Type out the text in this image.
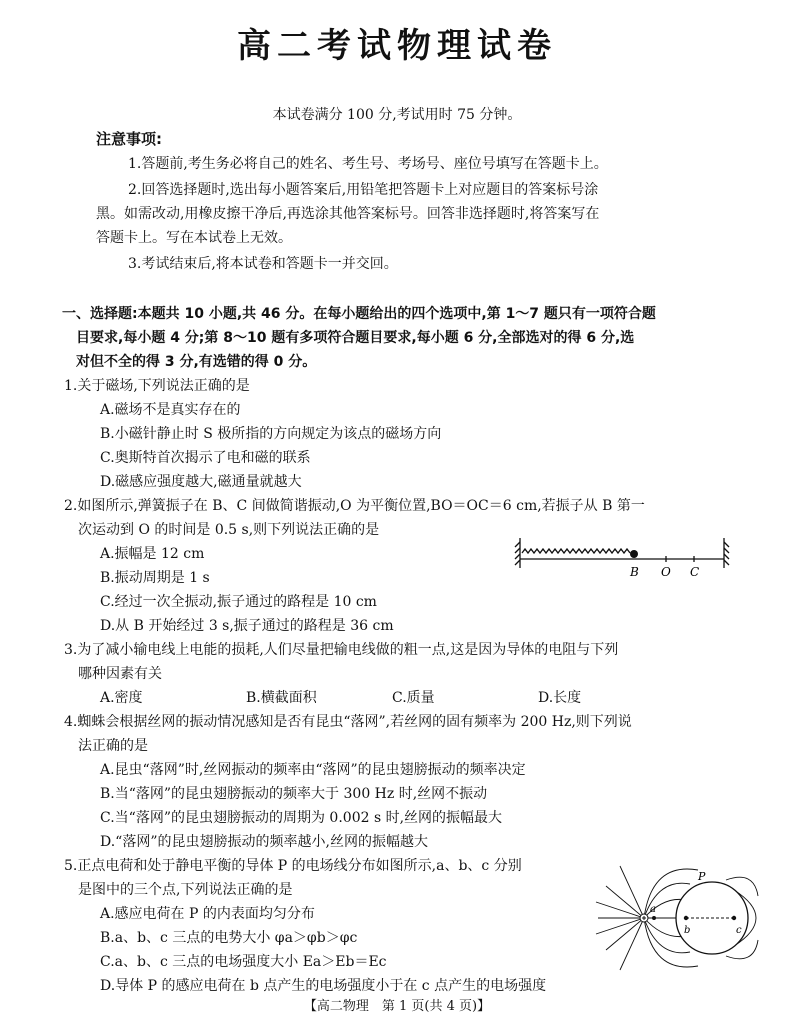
高二考试物理试卷
本试卷满分 100 分,考试用时 75 分钟。
注意事项:
1.答题前,考生务必将自己的姓名、考生号、考场号、座位号填写在答题卡上。
2.回答选择题时,选出每小题答案后,用铅笔把答题卡上对应题目的答案标号涂
黑。如需改动,用橡皮擦干净后,再选涂其他答案标号。回答非选择题时,将答案写在
答题卡上。写在本试卷上无效。
3.考试结束后,将本试卷和答题卡一并交回。
一、选择题:本题共 10 小题,共 46 分。在每小题给出的四个选项中,第 1～7 题只有一项符合题
目要求,每小题 4 分;第 8～10 题有多项符合题目要求,每小题 6 分,全部选对的得 6 分,选
对但不全的得 3 分,有选错的得 0 分。
1.关于磁场,下列说法正确的是
A.磁场不是真实存在的
B.小磁针静止时 S 极所指的方向规定为该点的磁场方向
C.奥斯特首次揭示了电和磁的联系
D.磁感应强度越大,磁通量就越大
2.如图所示,弹簧振子在 B、C 间做简谐振动,O 为平衡位置,BO＝OC＝6 cm,若振子从 B 第一
次运动到 O 的时间是 0.5 s,则下列说法正确的是
A.振幅是 12 cm
B.振动周期是 1 s
C.经过一次全振动,振子通过的路程是 10 cm
D.从 B 开始经过 3 s,振子通过的路程是 36 cm
B O C
3.为了减小输电线上电能的损耗,人们尽量把输电线做的粗一点,这是因为导体的电阻与下列
哪种因素有关
A.密度	B.横截面积	C.质量	D.长度
4.蜘蛛会根据丝网的振动情况感知是否有昆虫“落网”,若丝网的固有频率为 200 Hz,则下列说
法正确的是
A.昆虫“落网”时,丝网振动的频率由“落网”的昆虫翅膀振动的频率决定
B.当“落网”的昆虫翅膀振动的频率大于 300 Hz 时,丝网不振动
C.当“落网”的昆虫翅膀振动的周期为 0.002 s 时,丝网的振幅最大
D.“落网”的昆虫翅膀振动的频率越小,丝网的振幅越大
5.正点电荷和处于静电平衡的导体 P 的电场线分布如图所示,a、b、c 分别
是图中的三个点,下列说法正确的是
A.感应电荷在 P 的内表面均匀分布
B.a、b、c 三点的电势大小 φa＞φb＞φc
C.a、b、c 三点的电场强度大小 Ea＞Eb＝Ec
D.导体 P 的感应电荷在 b 点产生的电场强度小于在 c 点产生的电场强度
P
a
b	c
【高二物理　第 1 页(共 4 页)】
